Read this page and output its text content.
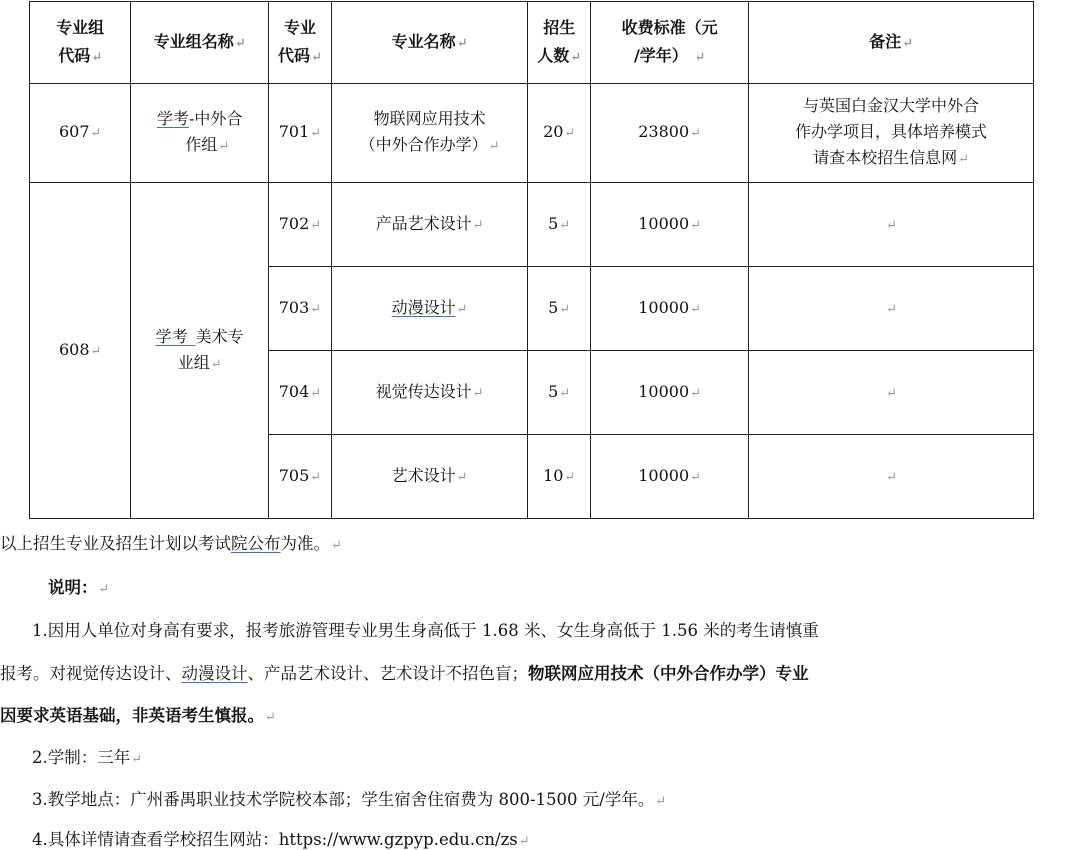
专业组
代码↵	专业组名称↵	专业
代码↵	专业名称↵	招生
人数↵	收费标准（元
/学年） ↵	备注↵
607↵	学考-中外合
作组↵	701↵	物联网应用技术
（中外合作办学）↵	20↵	23800↵	与英国白金汉大学中外合
作办学项目，具体培养模式
请查本校招生信息网↵
608↵	学考_美术专
业组↵	702↵	产品艺术设计↵	5↵	10000↵	↵
		703↵	动漫设计↵	5↵	10000↵	↵
		704↵	视觉传达设计↵	5↵	10000↵	↵
		705↵	艺术设计↵	10↵	10000↵	↵
以上招生专业及招生计划以考试院公布为准。↵
说明：↵
1.因用人单位对身高有要求，报考旅游管理专业男生身高低于 1.68 米、女生身高低于 1.56 米的考生请慎重
报考。对视觉传达设计、动漫设计、产品艺术设计、艺术设计不招色盲；物联网应用技术（中外合作办学）专业
因要求英语基础，非英语考生慎报。↵
2.学制：三年↵
3.教学地点：广州番禺职业技术学院校本部；学生宿舍住宿费为 800-1500 元/学年。↵
4.具体详情请查看学校招生网站：https://www.gzpyp.edu.cn/zs↵
